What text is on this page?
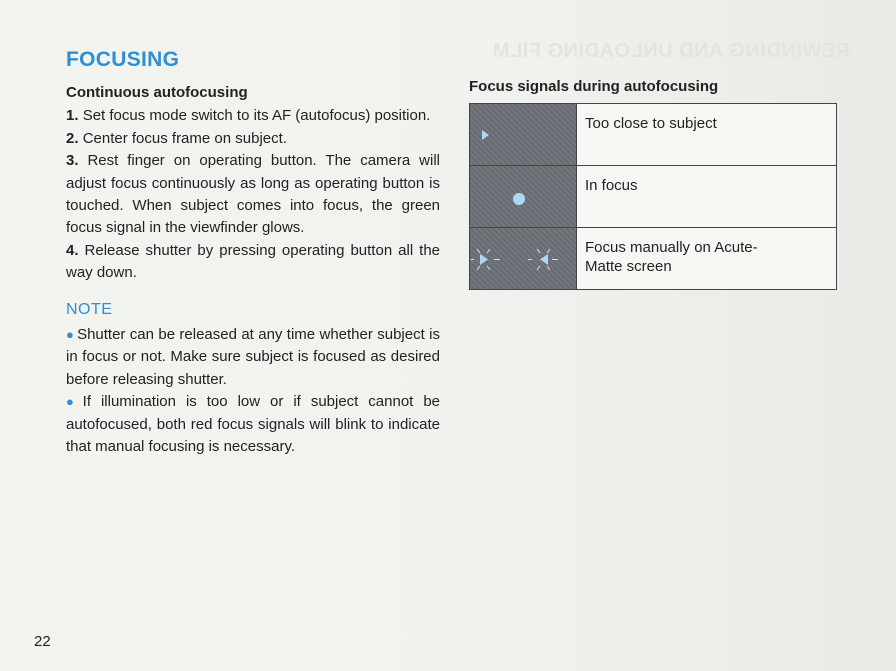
REWINDING AND UNLOADING FILM
FOCUSING
Continuous autofocusing

1. Set focus mode switch to its AF (autofocus) position.

2. Center focus frame on subject.

3. Rest finger on operating button. The camera will adjust focus continuously as long as operating button is touched. When subject comes into focus, the green focus signal in the viewfinder glows.

4. Release shutter by pressing operating button all the way down.

NOTE

● Shutter can be released at any time whether subject is in focus or not. Make sure subject is focused as desired before releasing shutter.

● If illumination is too low or if subject cannot be autofocused, both red focus signals will blink to indicate that manual focusing is necessary.

Focus signals during autofocusing
Too close to subject
In focus
Focus manually on Acute-
Matte screen
22
